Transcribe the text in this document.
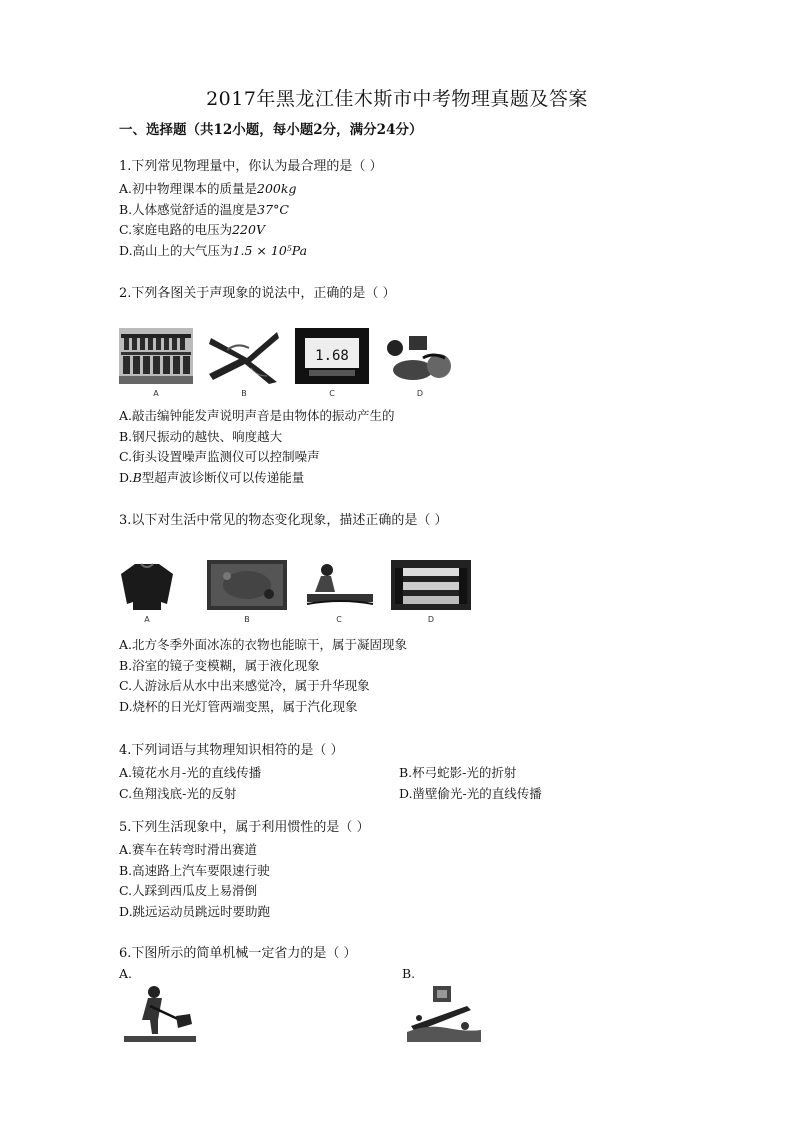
2017年黑龙江佳木斯市中考物理真题及答案
一、选择题（共12小题，每小题2分，满分24分）
1.下列常见物理量中，你认为最合理的是（ ）
A.初中物理课本的质量是200kg
B.人体感觉舒适的温度是37°C
C.家庭电路的电压为220V
D.高山上的大气压为1.5 × 10⁵Pa
2.下列各图关于声现象的说法中，正确的是（ ）
A	B
1.68
C	D
A.敲击编钟能发声说明声音是由物体的振动产生的
B.钢尺振动的越快、响度越大
C.街头设置噪声监测仪可以控制噪声
D.B型超声波诊断仪可以传递能量
3.以下对生活中常见的物态变化现象，描述正确的是（ ）
A	B	C	D
A.北方冬季外面冰冻的衣物也能晾干，属于凝固现象
B.浴室的镜子变模糊，属于液化现象
C.人游泳后从水中出来感觉冷，属于升华现象
D.烧杯的日光灯管两端变黑，属于汽化现象
4.下列词语与其物理知识相符的是（ ）
A.镜花水月-光的直线传播	B.杯弓蛇影-光的折射
C.鱼翔浅底-光的反射	D.凿壁偷光-光的直线传播
5.下列生活现象中，属于利用惯性的是（ ）
A.赛车在转弯时滑出赛道
B.高速路上汽车要限速行驶
C.人踩到西瓜皮上易滑倒
D.跳远运动员跳远时要助跑
6.下图所示的简单机械一定省力的是（ ）
A.	B.
